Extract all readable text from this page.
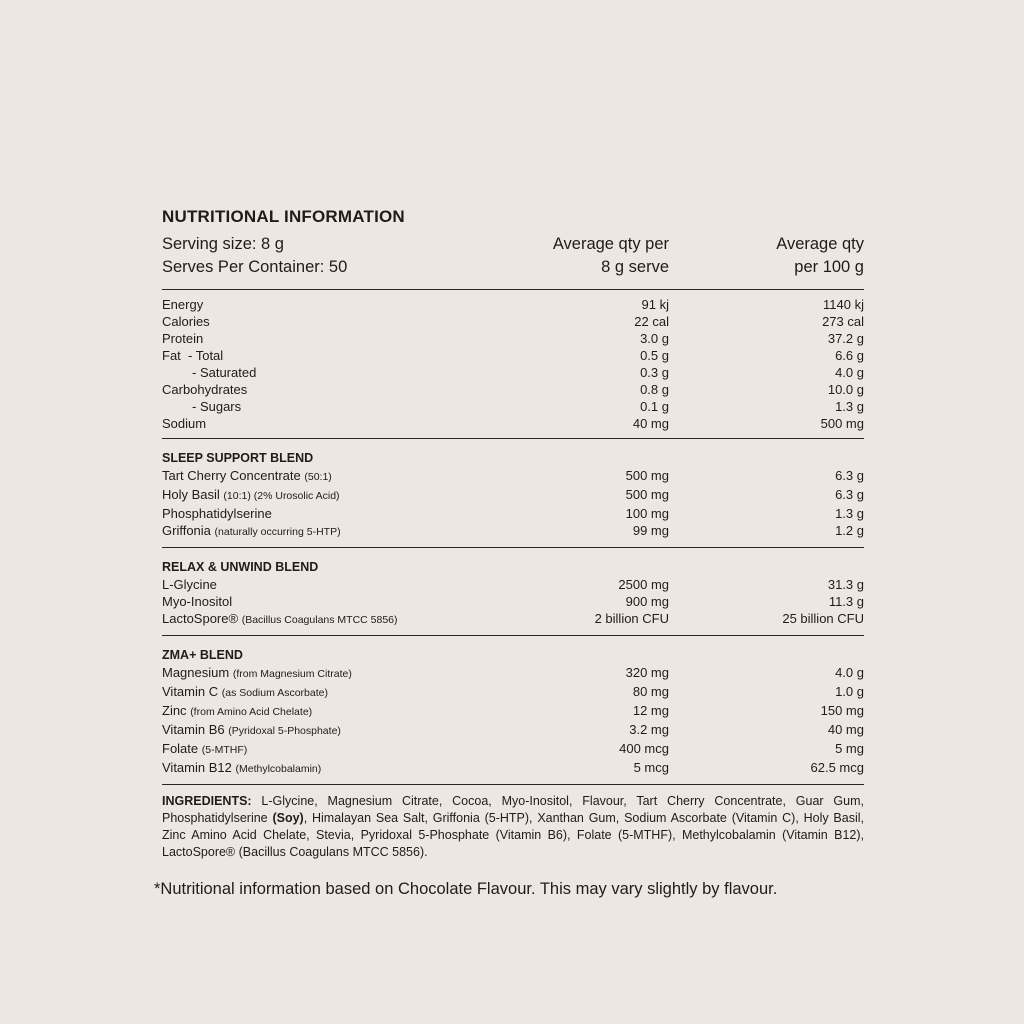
NUTRITIONAL INFORMATION
Serving size: 8 g	Average qty per	Average qty
Serves Per Container: 50	8 g serve	per 100 g
Energy	91 kj	1140 kj
Calories	22 cal	273 cal
Protein	3.0 g	37.2 g
Fat  - Total	0.5 g	6.6 g
- Saturated	0.3 g	4.0 g
Carbohydrates	0.8 g	10.0 g
- Sugars	0.1 g	1.3 g
Sodium	40 mg	500 mg
SLEEP SUPPORT BLEND
Tart Cherry Concentrate (50:1)	500 mg	6.3 g
Holy Basil (10:1) (2% Urosolic Acid)	500 mg	6.3 g
Phosphatidylserine	100 mg	1.3 g
Griffonia (naturally occurring 5-HTP)	99 mg	1.2 g
RELAX & UNWIND BLEND
L-Glycine	2500 mg	31.3 g
Myo-Inositol	900 mg	11.3 g
LactoSpore® (Bacillus Coagulans MTCC 5856)	2 billion CFU	25 billion CFU
ZMA+ BLEND
Magnesium (from Magnesium Citrate)	320 mg	4.0 g
Vitamin C (as Sodium Ascorbate)	80 mg	1.0 g
Zinc (from Amino Acid Chelate)	12 mg	150 mg
Vitamin B6 (Pyridoxal 5-Phosphate)	3.2 mg	40 mg
Folate (5-MTHF)	400 mcg	5 mg
Vitamin B12 (Methylcobalamin)	5 mcg	62.5 mcg
INGREDIENTS: L-Glycine, Magnesium Citrate, Cocoa, Myo-Inositol, Flavour, Tart Cherry Concentrate, Guar Gum, Phosphatidylserine (Soy), Himalayan Sea Salt, Griffonia (5-HTP), Xanthan Gum, Sodium Ascorbate (Vitamin C), Holy Basil, Zinc Amino Acid Chelate, Stevia, Pyridoxal 5-Phosphate (Vitamin B6), Folate (5-MTHF), Methylcobalamin (Vitamin B12), LactoSpore® (Bacillus Coagulans MTCC 5856).
*Nutritional information based on Chocolate Flavour. This may vary slightly by flavour.
